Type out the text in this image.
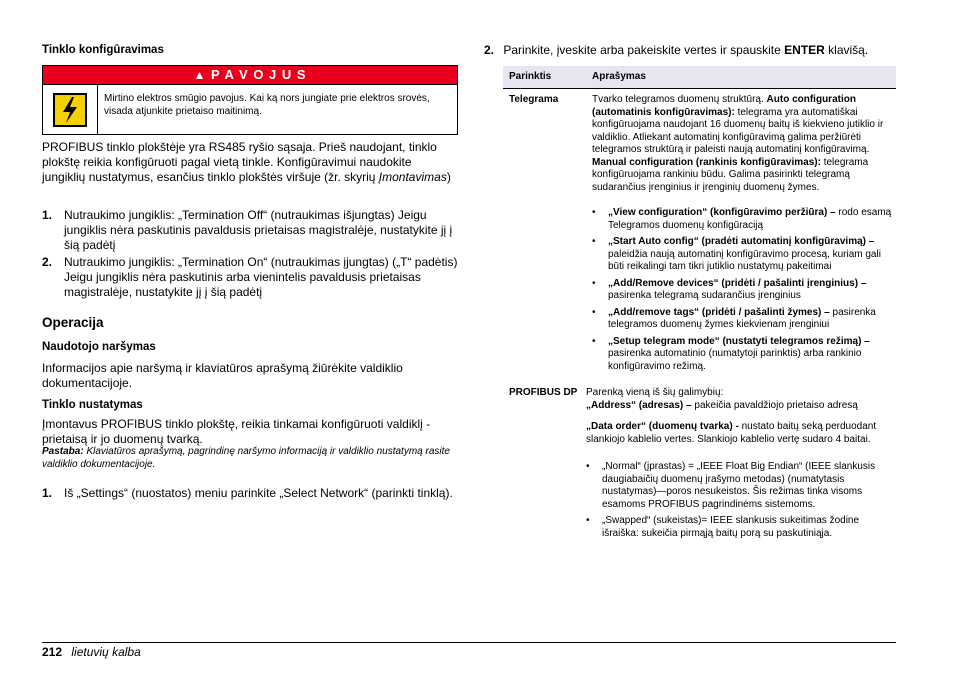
Tinklo konfigūravimas
▲ P A V O J U S
Mirtino elektros smūgio pavojus. Kai ką nors jungiate prie elektros srovės, visada atjunkite prietaiso maitinimą.
PROFIBUS tinklo plokštėje yra RS485 ryšio sąsaja. Prieš naudojant, tinklo plokštę reikia konfigūruoti pagal vietą tinkle. Konfigūravimui naudokite jungiklių nustatymus, esančius tinklo plokštės viršuje (žr. skyrių Įmontavimas)
1. Nutraukimo jungiklis: „Termination Off“ (nutraukimas išjungtas) Jeigu jungiklis nėra paskutinis pavaldusis prietaisas magistralėje, nustatykite jį į šią padėtį
2. Nutraukimo jungiklis: „Termination On“ (nutraukimas įjungtas) („T“ padėtis) Jeigu jungiklis nėra paskutinis arba vienintelis pavaldusis prietaisas magistralėje, nustatykite jį į šią padėtį
Operacija
Naudotojo naršymas
Informacijos apie naršymą ir klaviatūros aprašymą žiūrėkite valdiklio dokumentacijoje.
Tinklo nustatymas
Įmontavus PROFIBUS tinklo plokštę, reikia tinkamai konfigūruoti valdiklį - prietaisą ir jo duomenų tvarką.
Pastaba: Klaviatūros aprašymą, pagrindinę naršymo informaciją ir valdiklio nustatymą rasite valdiklio dokumentacijoje.
1. Iš „Settings“ (nuostatos) meniu parinkite „Select Network“ (parinkti tinklą).
2. Parinkite, įveskite arba pakeiskite vertes ir spauskite ENTER klavišą.
Parinktis	Aprašymas
Telegrama	Tvarko telegramos duomenų struktūrą. Auto configuration (automatinis konfigūravimas): telegrama yra automatiškai konfigūruojama naudojant 16 duomenų baitų iš kiekvieno jutiklio ir valdiklio. Atliekant automatinį konfigūravimą galima peržiūrėti telegramos struktūrą ir paleisti naują automatinį konfigūravimą. Manual configuration (rankinis konfigūravimas): telegrama konfigūruojama rankiniu būdu. Galima pasirinkti telegramą sudarančius įrenginius ir įrenginių duomenų žymes.
• „View configuration“ (konfigūravimo peržiūra) – rodo esamą Telegramos duomenų konfigūraciją
• „Start Auto config“ (pradėti automatinį konfigūravimą) – paleidžia naują automatinį konfigūravimo procesą, kuriam gali būti reikalingi tam tikri jutiklio nustatymų pakeitimai
• „Add/Remove devices“ (pridėti / pašalinti įrenginius) – pasirenka telegramą sudarančius įrenginius
• „Add/remove tags“ (pridėti / pašalinti žymes) – pasirenka telegramos duomenų žymes kiekvienam įrenginiui
• „Setup telegram mode“ (nustatyti telegramos režimą) – pasirenka automatinio (numatytoji parinktis) arba rankinio konfigūravimo režimą.
PROFIBUS DP Parenką vieną iš šių galimybių:
„Address“ (adresas) – pakeičia pavaldžiojo prietaiso adresą
„Data order“ (duomenų tvarka) - nustato baitų seką perduodant slankiojo kablelio vertes. Slankiojo kablelio vertę sudaro 4 baitai.
• „Normal“ (įprastas) = „IEEE Float Big Endian“ (IEEE slankusis daugiabaičių duomenų įrašymo metodas) (numatytasis nustatymas)—poros nesukeistos. Šis režimas tinka visoms esamoms PROFIBUS pagrindinėms sistemoms.
• „Swapped“ (sukeistas)= IEEE slankusis sukeitimas žodine išraiška: sukeičia pirmąją baitų porą su paskutiniąja.
212 lietuvių kalba
